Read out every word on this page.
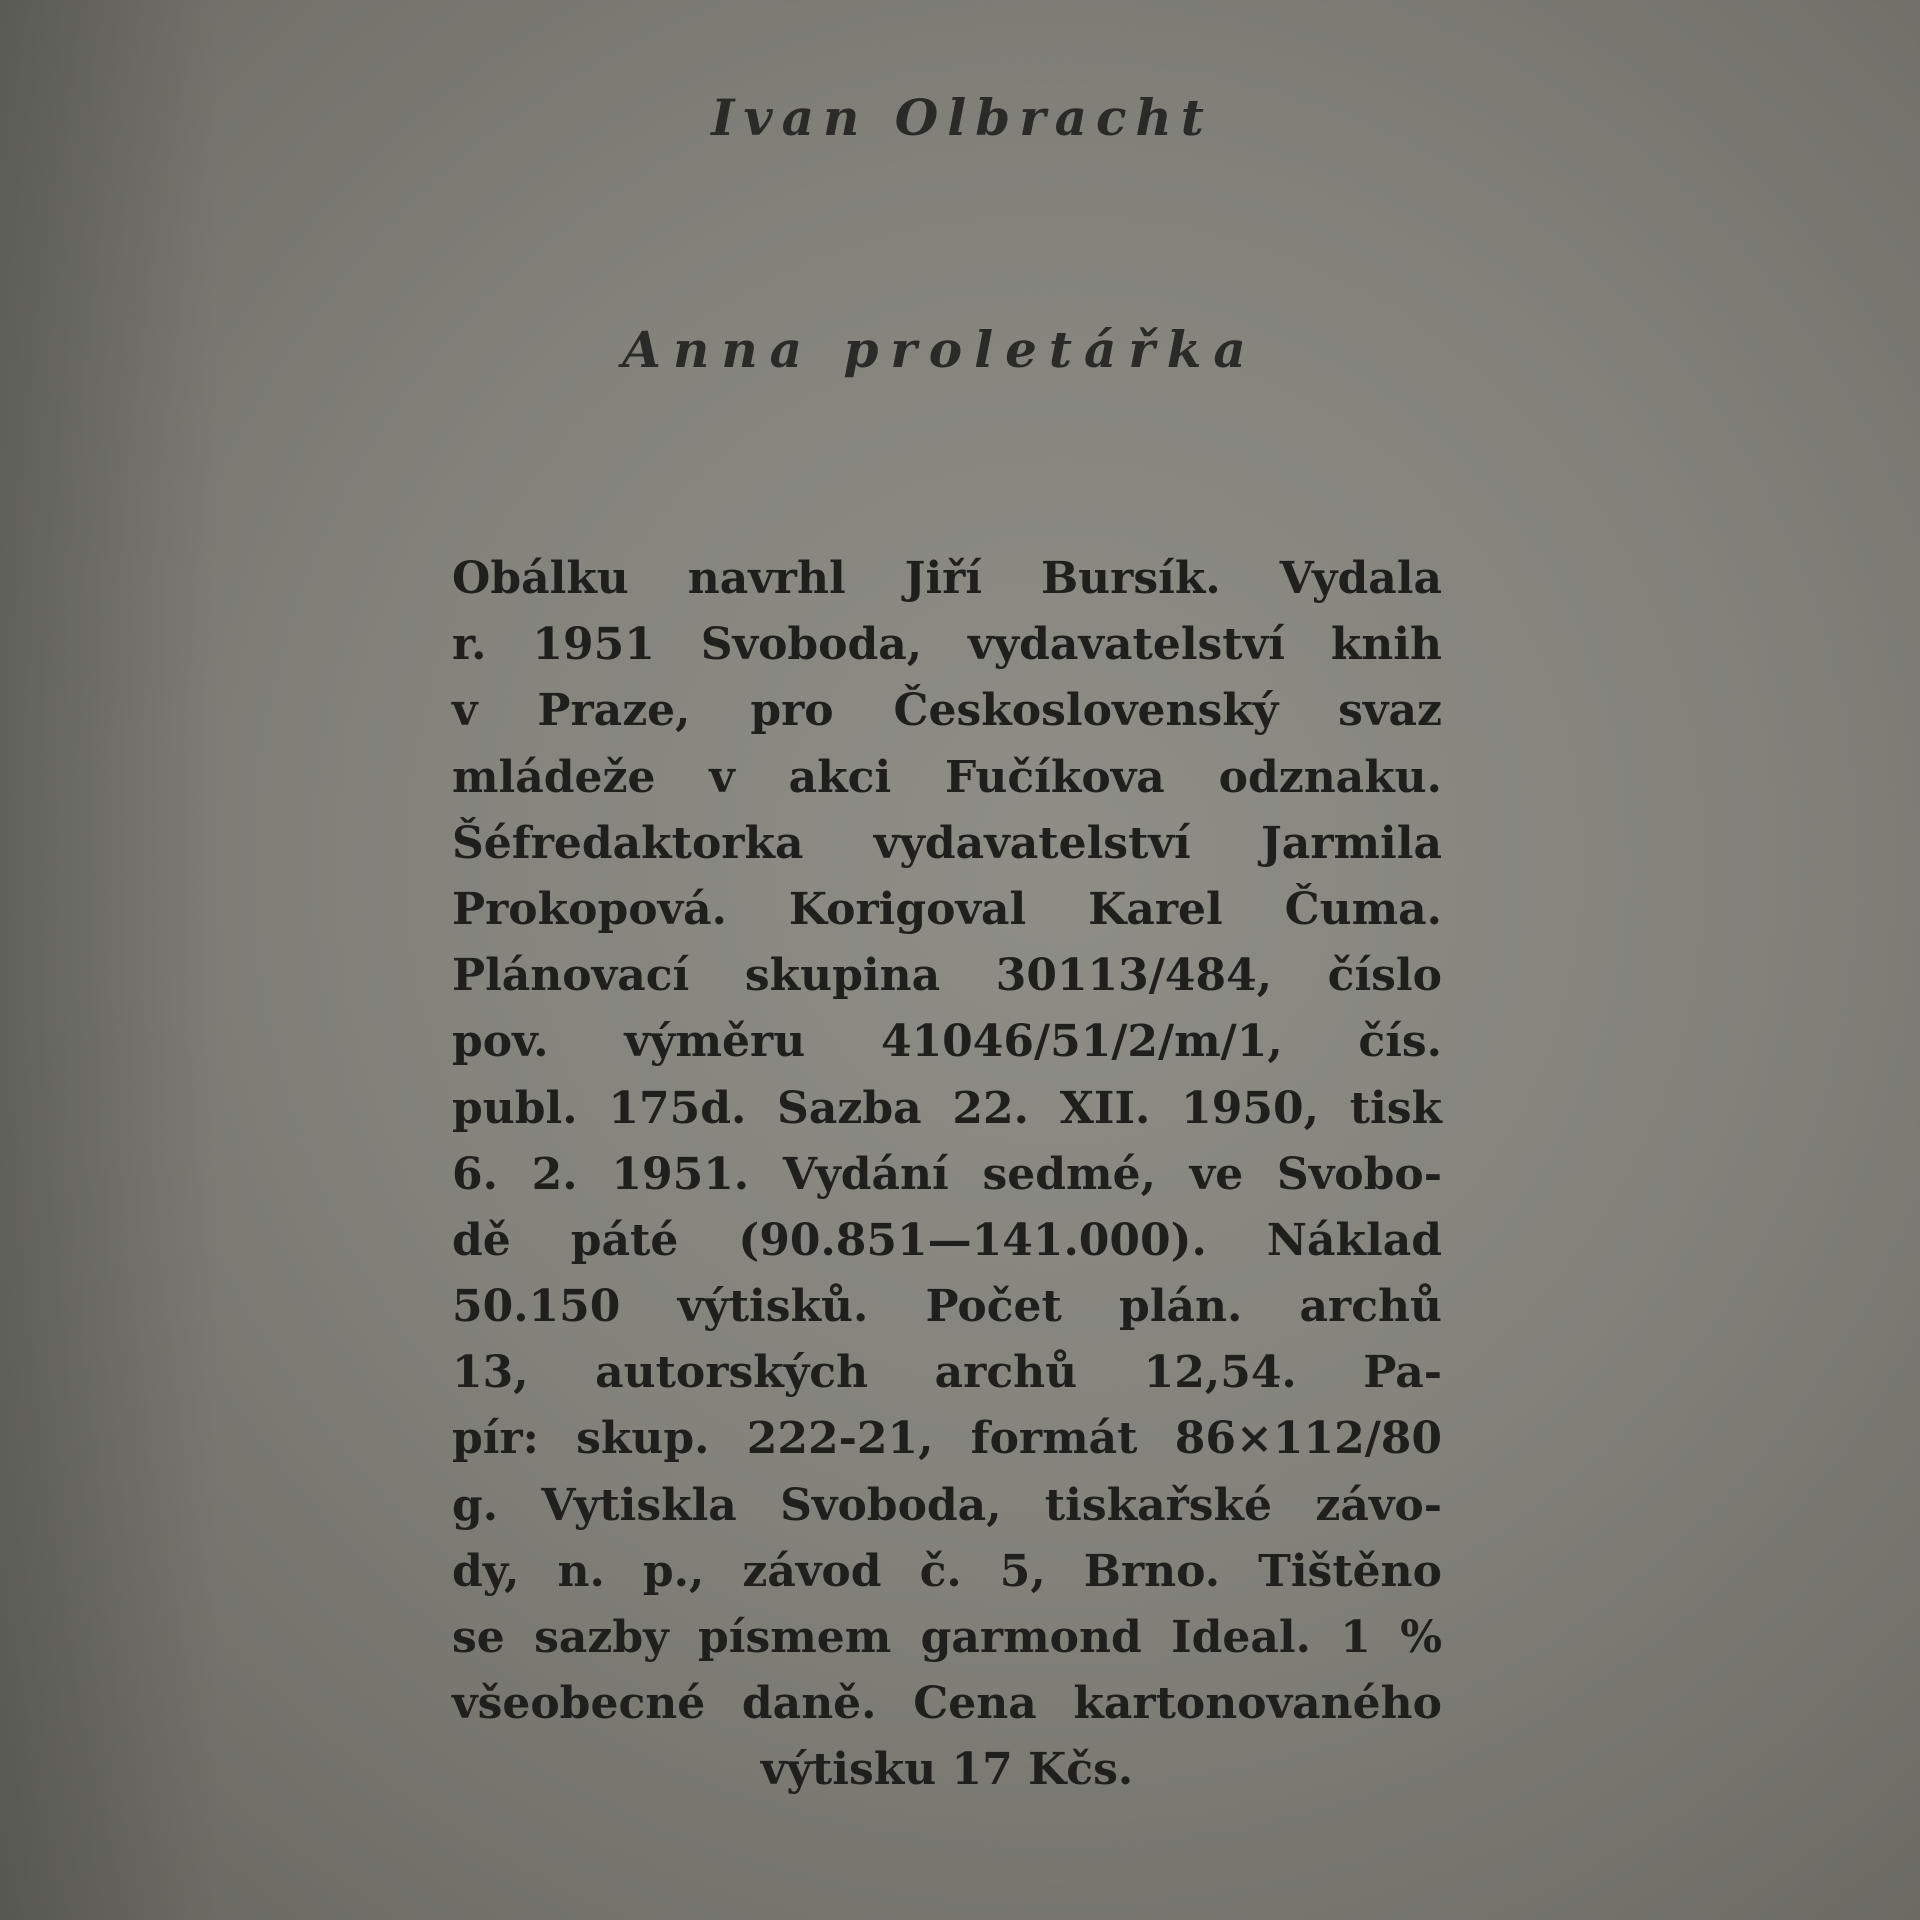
Ivan Olbracht
Anna proletářka
Obálku navrhl Jiří Bursík. Vydala
r. 1951 Svoboda, vydavatelství knih
v Praze, pro Československý svaz
mládeže v akci Fučíkova odznaku.
Šéfredaktorka vydavatelství Jarmila
Prokopová. Korigoval Karel Čuma.
Plánovací skupina 30113/484, číslo
pov. výměru 41046/51/2/m/1, čís.
publ. 175d. Sazba 22. XII. 1950, tisk
6. 2. 1951. Vydání sedmé, ve Svobo-
dě páté (90.851—141.000). Náklad
50.150 výtisků. Počet plán. archů
13, autorských archů 12,54. Pa-
pír: skup. 222-21, formát 86×112/80
g. Vytiskla Svoboda, tiskařské závo-
dy, n. p., závod č. 5, Brno. Tištěno
se sazby písmem garmond Ideal. 1 %
všeobecné daně. Cena kartonovaného
výtisku 17 Kčs.
